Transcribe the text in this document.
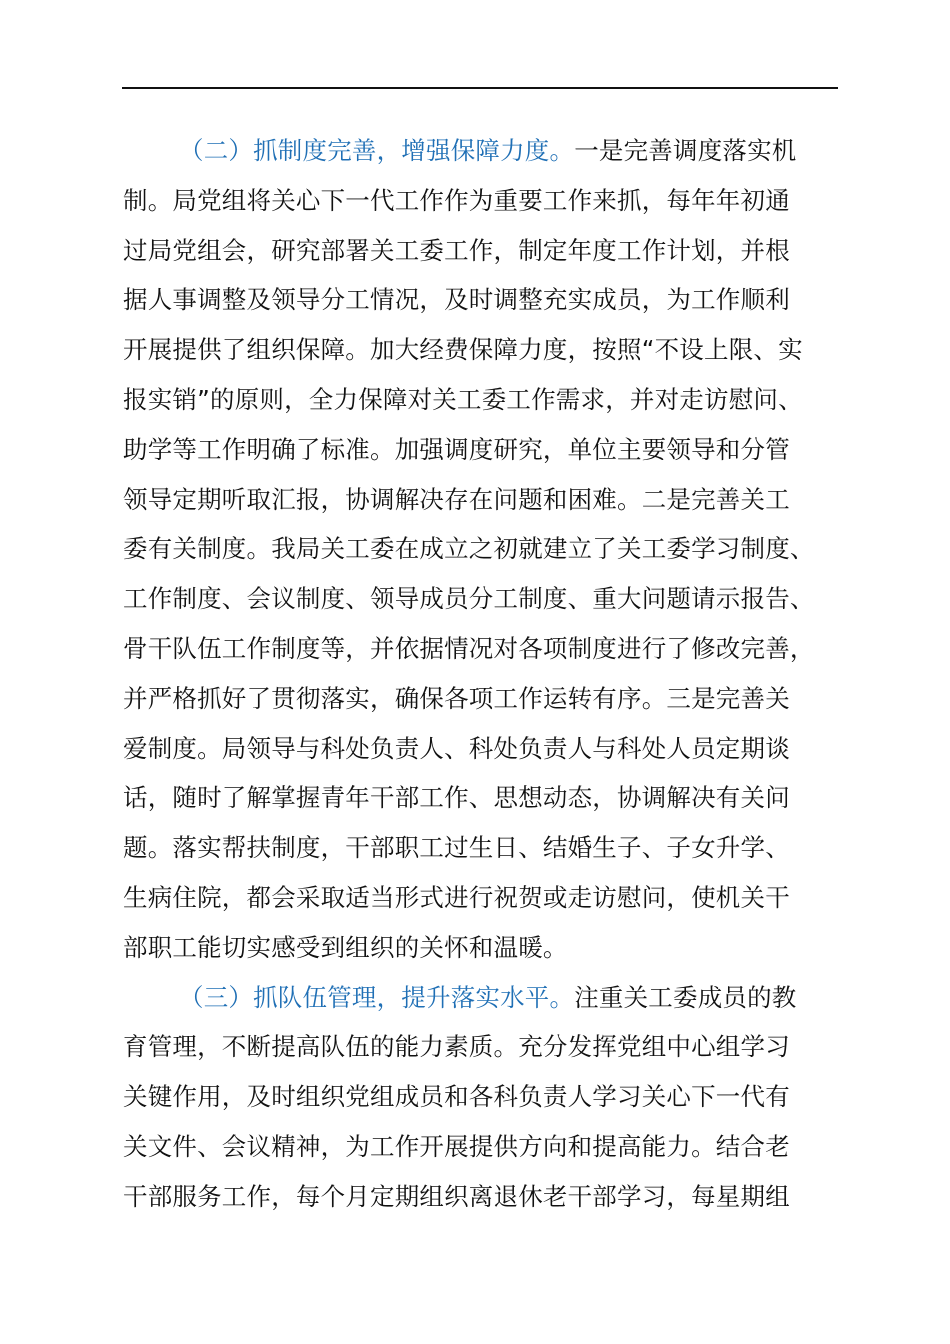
（二）抓制度完善，增强保障力度。一是完善调度落实机
制。局党组将关心下一代工作作为重要工作来抓，每年年初通
过局党组会，研究部署关工委工作，制定年度工作计划，并根
据人事调整及领导分工情况，及时调整充实成员，为工作顺利
开展提供了组织保障。加大经费保障力度，按照“不设上限、实
报实销”的原则，全力保障对关工委工作需求，并对走访慰问、
助学等工作明确了标准。加强调度研究，单位主要领导和分管
领导定期听取汇报，协调解决存在问题和困难。二是完善关工
委有关制度。我局关工委在成立之初就建立了关工委学习制度、
工作制度、会议制度、领导成员分工制度、重大问题请示报告、
骨干队伍工作制度等，并依据情况对各项制度进行了修改完善，
并严格抓好了贯彻落实，确保各项工作运转有序。三是完善关
爱制度。局领导与科处负责人、科处负责人与科处人员定期谈
话，随时了解掌握青年干部工作、思想动态，协调解决有关问
题。落实帮扶制度，干部职工过生日、结婚生子、子女升学、
生病住院，都会采取适当形式进行祝贺或走访慰问，使机关干
部职工能切实感受到组织的关怀和温暖。
（三）抓队伍管理，提升落实水平。注重关工委成员的教
育管理，不断提高队伍的能力素质。充分发挥党组中心组学习
关键作用，及时组织党组成员和各科负责人学习关心下一代有
关文件、会议精神，为工作开展提供方向和提高能力。结合老
干部服务工作，每个月定期组织离退休老干部学习，每星期组
